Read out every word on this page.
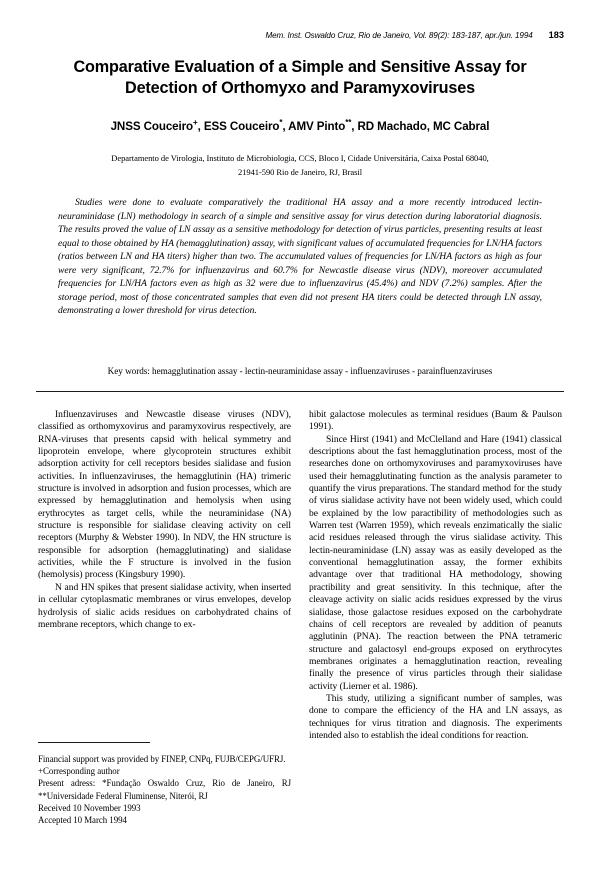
Mem. Inst. Oswaldo Cruz, Rio de Janeiro, Vol. 89(2): 183-187, apr./jun. 1994 183
Comparative Evaluation of a Simple and Sensitive Assay for Detection of Orthomyxo and Paramyxoviruses
JNSS Couceiro+, ESS Couceiro*, AMV Pinto**, RD Machado, MC Cabral
Departamento de Virologia, Instituto de Microbiologia, CCS, Bloco I, Cidade Universitária, Caixa Postal 68040,
21941-590 Rio de Janeiro, RJ, Brasil
Studies were done to evaluate comparatively the traditional HA assay and a more recently introduced lectin-neuraminidase (LN) methodology in search of a simple and sensitive assay for virus detection during laboratorial diagnosis. The results proved the value of LN assay as a sensitive methodology for detection of virus particles, presenting results at least equal to those obtained by HA (hemagglutination) assay, with significant values of accumulated frequencies for LN/HA factors (ratios between LN and HA titers) higher than two. The accumulated values of frequencies for LN/HA factors as high as four were very significant, 72.7% for influenzavirus and 60.7% for Newcastle disease virus (NDV), moreover accumulated frequencies for LN/HA factors even as high as 32 were due to influenzavirus (45.4%) and NDV (7.2%) samples. After the storage period, most of those concentrated samples that even did not present HA titers could be detected through LN assay, demonstrating a lower threshold for virus detection.
Key words: hemagglutination assay - lectin-neuraminidase assay - influenzaviruses - parainfluenzaviruses

Influenzaviruses and Newcastle disease viruses (NDV), classified as orthomyxovirus and paramyxovirus respectively, are RNA-viruses that presents capsid with helical symmetry and lipoprotein envelope, where glycoprotein structures exhibit adsorption activity for cell receptors besides sialidase and fusion activities. In influenzaviruses, the hemagglutinin (HA) trimeric structure is involved in adsorption and fusion processes, which are expressed by hemagglutination and hemolysis when using erythrocytes as target cells, while the neuraminidase (NA) structure is responsible for sialidase cleaving activity on cell receptors (Murphy & Webster 1990). In NDV, the HN structure is responsible for adsorption (hemagglutinating) and sialidase activities, while the F structure is involved in the fusion (hemolysis) process (Kingsbury 1990).

N and HN spikes that present sialidase activity, when inserted in cellular cytoplasmatic membranes or virus envelopes, develop hydrolysis of sialic acids residues on carbohydrated chains of membrane receptors, which change to ex-

hibit galactose molecules as terminal residues (Baum & Paulson 1991).

Since Hirst (1941) and McClelland and Hare (1941) classical descriptions about the fast hemagglutination process, most of the researches done on orthomyxoviruses and paramyxoviruses have used their hemagglutinating function as the analysis parameter to quantify the virus preparations. The standard method for the study of virus sialidase activity have not been widely used, which could be explained by the low paractibility of methodologies such as Warren test (Warren 1959), which reveals enzimatically the sialic acid residues released through the virus sialidase activity. This lectin-neuraminidase (LN) assay was as easily developed as the conventional hemagglutination assay, the former exhibits advantage over that traditional HA methodology, showing practibility and great sensitivity. In this technique, after the cleavage activity on sialic acids residues expressed by the virus sialidase, those galactose residues exposed on the carbohydrate chains of cell receptors are revealed by addition of peanuts agglutinin (PNA). The reaction between the PNA tetrameric structure and galactosyl end-groups exposed on erythrocytes membranes originates a hemagglutination reaction, revealing finally the presence of virus particles through their sialidase activity (Lierner et al. 1986).

This study, utilizing a significant number of samples, was done to compare the efficiency of the HA and LN assays, as techniques for virus titration and diagnosis. The experiments intended also to establish the ideal conditions for reaction.

Financial support was provided by FINEP, CNPq, FUJB/CEPG/UFRJ.

+Corresponding author

Present adress: *Fundação Oswaldo Cruz, Rio de Janeiro, RJ **Universidade Federal Fluminense, Niterói, RJ

Received 10 November 1993

Accepted 10 March 1994
